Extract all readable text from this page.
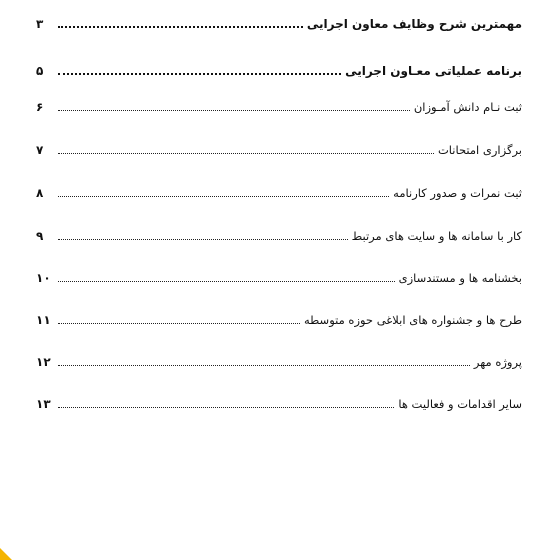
مهمترین شرح وظایف معاون اجرایی
۳
برنامه عملیاتی معـاون اجرایی
۵
ثبت نـام دانش آمـوزان
۶
برگزاری امتحانات
۷
ثبت نمرات و صدور کارنامه
۸
کار با سامانه ها و سایت های مرتبط
۹
بخشنامه ها و مستندسازی
۱۰
طرح ها و جشنواره های ابلاغی حوزه متوسطه
۱۱
پروژه مهر
۱۲
سایر اقدامات و فعالیت ها
۱۳
